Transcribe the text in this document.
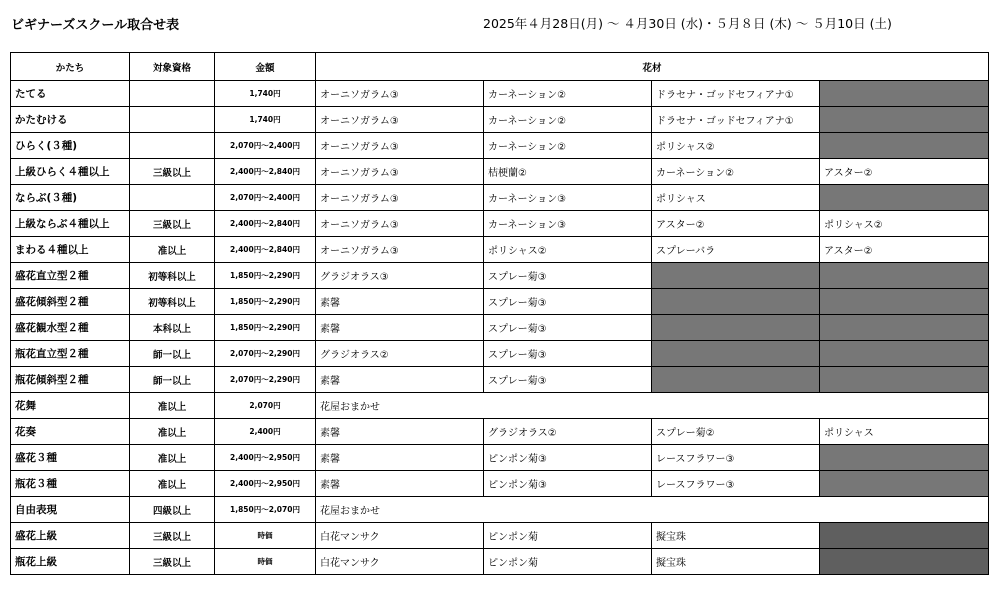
ビギナーズスクール取合せ表	2025年４月28日(月) ～ ４月30日 (水)・５月８日 (木) ～ ５月10日 (土)
かたち	対象資格	金額	花材			
たてる		1,740円	オーニソガラム③	カーネーション②	ドラセナ・ゴッドセフィアナ①	
かたむける		1,740円	オーニソガラム③	カーネーション②	ドラセナ・ゴッドセフィアナ①	
ひらく(３種)		2,070円～2,400円	オーニソガラム③	カーネーション②	ポリシャス②	
上級ひらく４種以上	三級以上	2,400円～2,840円	オーニソガラム③	桔梗蘭②	カーネーション②	アスター②
ならぶ(３種)		2,070円～2,400円	オーニソガラム③	カーネーション③	ポリシャス	
上級ならぶ４種以上	三級以上	2,400円～2,840円	オーニソガラム③	カーネーション③	アスター②	ポリシャス②
まわる４種以上	准以上	2,400円～2,840円	オーニソガラム③	ポリシャス②	スプレーバラ	アスター②
盛花直立型２種	初等科以上	1,850円～2,290円	グラジオラス③	スプレー菊③		
盛花傾斜型２種	初等科以上	1,850円～2,290円	素馨	スプレー菊③		
盛花観水型２種	本科以上	1,850円～2,290円	素馨	スプレー菊③		
瓶花直立型２種	師一以上	2,070円～2,290円	グラジオラス②	スプレー菊③		
瓶花傾斜型２種	師一以上	2,070円～2,290円	素馨	スプレー菊③		
花舞	准以上	2,070円	花屋おまかせ			
花奏	准以上	2,400円	素馨	グラジオラス②	スプレー菊②	ポリシャス
盛花３種	准以上	2,400円～2,950円	素馨	ピンポン菊③	レースフラワー③	
瓶花３種	准以上	2,400円～2,950円	素馨	ピンポン菊③	レースフラワー③	
自由表現	四級以上	1,850円～2,070円	花屋おまかせ			
盛花上級	三級以上	時価	白花マンサク	ピンポン菊	擬宝珠	
瓶花上級	三級以上	時価	白花マンサク	ピンポン菊	擬宝珠	
